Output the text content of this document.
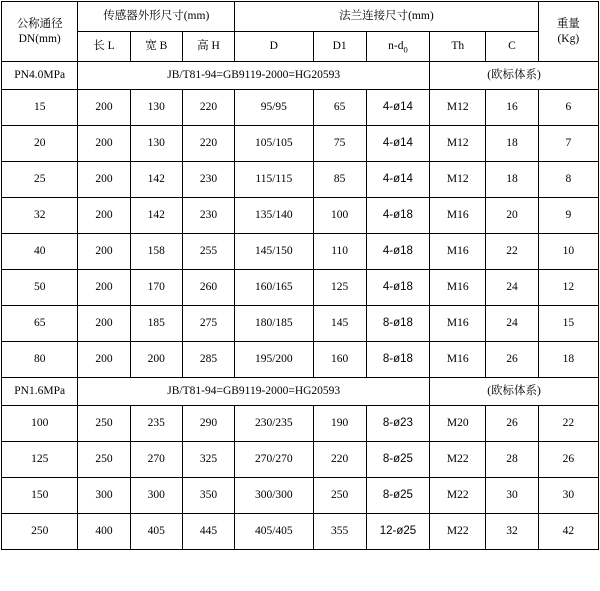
公称通径
DN(mm)	传感器外形尺寸(mm)			法兰连接尺寸(mm)					重量
(Kg)

	长 L	宽 B	高 H	D	D1	$n-d_0$	Th	C	
PN4.0MPa	JB/T81-94=GB9119-2000=HG20593						(欧标体系)		
15	200	130	220	95/95	65	4-ø14	M12	16	6
20	200	130	220	105/105	75	4-ø14	M12	18	7
25	200	142	230	115/115	85	4-ø14	M12	18	8
32	200	142	230	135/140	100	4-ø18	M16	20	9
40	200	158	255	145/150	110	4-ø18	M16	22	10
50	200	170	260	160/165	125	4-ø18	M16	24	12
65	200	185	275	180/185	145	8-ø18	M16	24	15
80	200	200	285	195/200	160	8-ø18	M16	26	18
PN1.6MPa	JB/T81-94=GB9119-2000=HG20593						(欧标体系)		
100	250	235	290	230/235	190	8-ø23	M20	26	22
125	250	270	325	270/270	220	8-ø25	M22	28	26
150	300	300	350	300/300	250	8-ø25	M22	30	30
250	400	405	445	405/405	355	12-ø25	M22	32	42
